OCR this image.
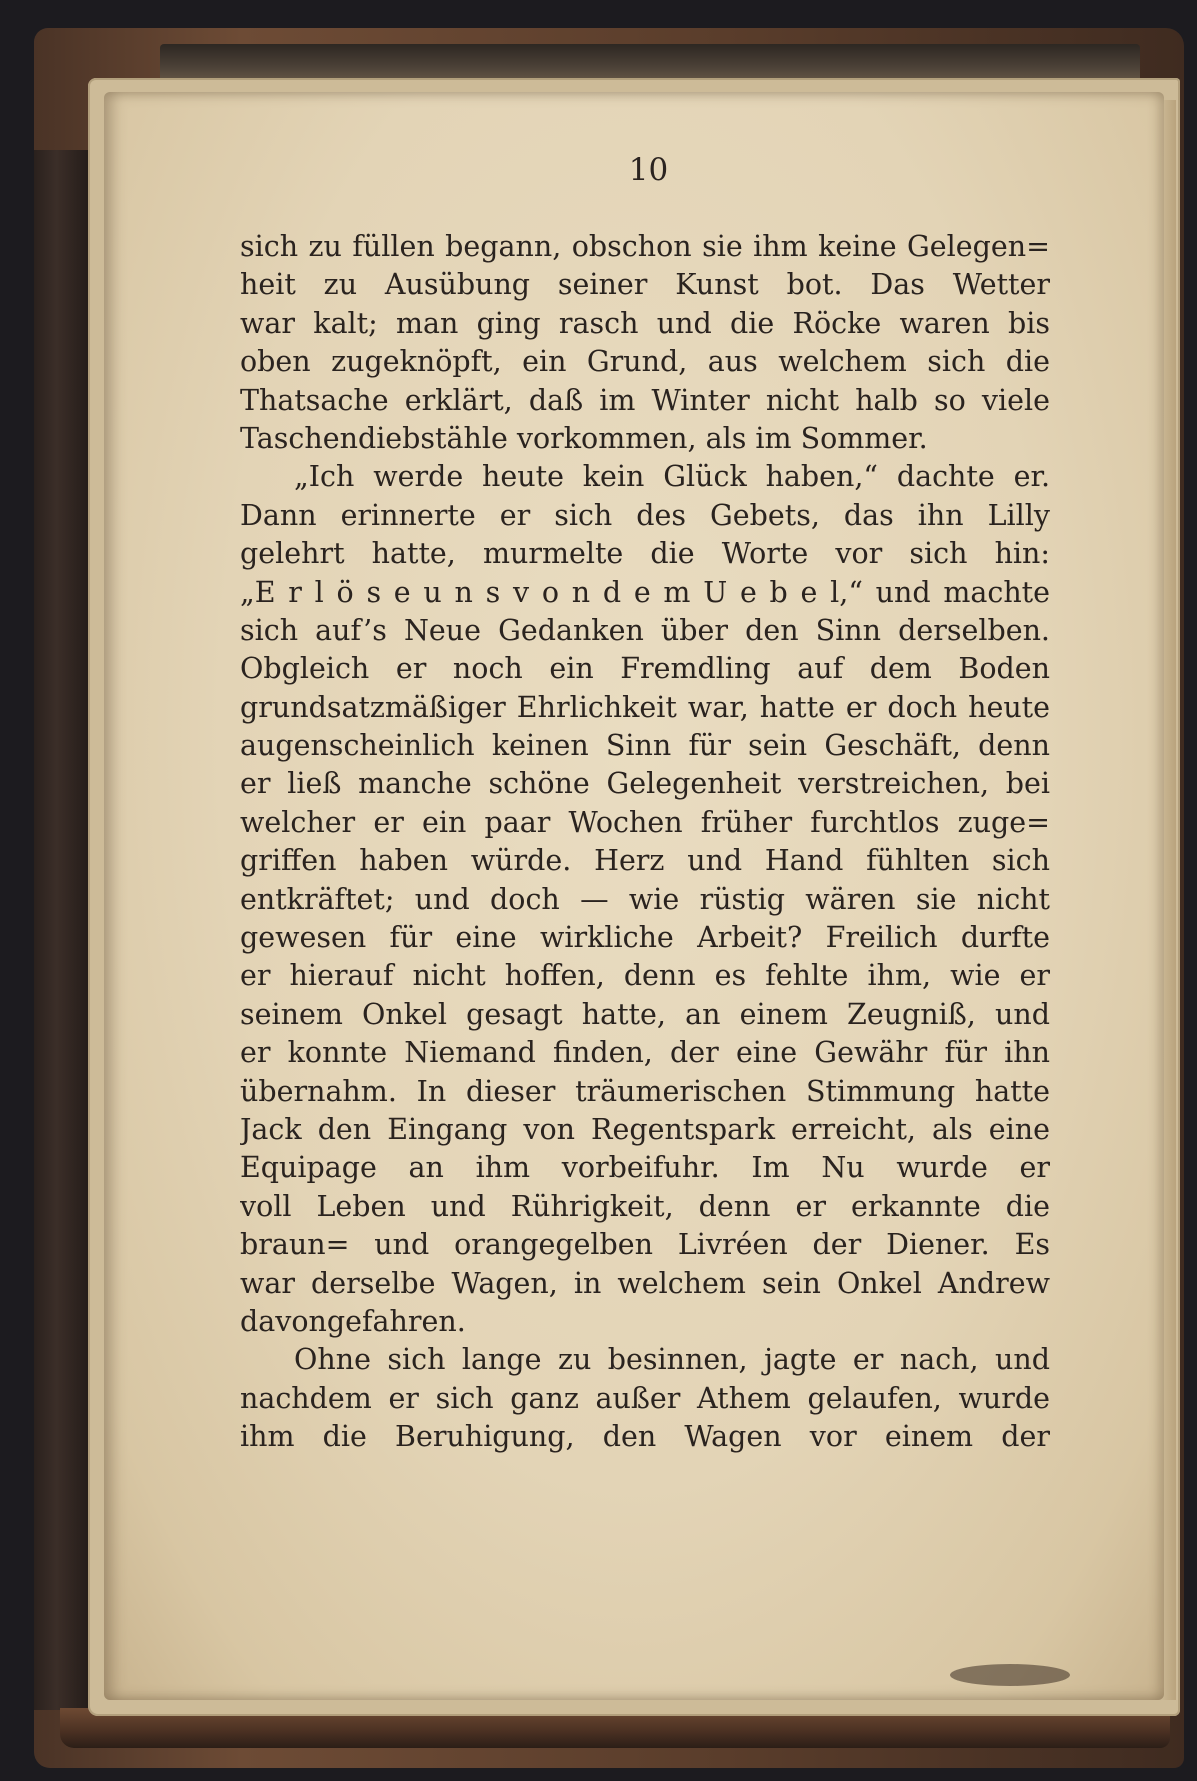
10
sich zu füllen begann, obschon sie ihm keine Gelegen=
heit zu Ausübung seiner Kunst bot. Das Wetter
war kalt; man ging rasch und die Röcke waren bis
oben zugeknöpft, ein Grund, aus welchem sich die
Thatsache erklärt, daß im Winter nicht halb so viele
Taschendiebstähle vorkommen, als im Sommer.
„Ich werde heute kein Glück haben,“ dachte er.
Dann erinnerte er sich des Gebets, das ihn Lilly
gelehrt hatte, murmelte die Worte vor sich hin:
„E r l ö s e u n s v o n d e m U e b e l,“ und machte
sich auf’s Neue Gedanken über den Sinn derselben.
Obgleich er noch ein Fremdling auf dem Boden
grundsatzmäßiger Ehrlichkeit war, hatte er doch heute
augenscheinlich keinen Sinn für sein Geschäft, denn
er ließ manche schöne Gelegenheit verstreichen, bei
welcher er ein paar Wochen früher furchtlos zuge=
griffen haben würde. Herz und Hand fühlten sich
entkräftet; und doch — wie rüstig wären sie nicht
gewesen für eine wirkliche Arbeit? Freilich durfte
er hierauf nicht hoffen, denn es fehlte ihm, wie er
seinem Onkel gesagt hatte, an einem Zeugniß, und
er konnte Niemand finden, der eine Gewähr für ihn
übernahm. In dieser träumerischen Stimmung hatte
Jack den Eingang von Regentspark erreicht, als eine
Equipage an ihm vorbeifuhr. Im Nu wurde er
voll Leben und Rührigkeit, denn er erkannte die
braun= und orangegelben Livréen der Diener. Es
war derselbe Wagen, in welchem sein Onkel Andrew
davongefahren.
Ohne sich lange zu besinnen, jagte er nach, und
nachdem er sich ganz außer Athem gelaufen, wurde
ihm die Beruhigung, den Wagen vor einem der
